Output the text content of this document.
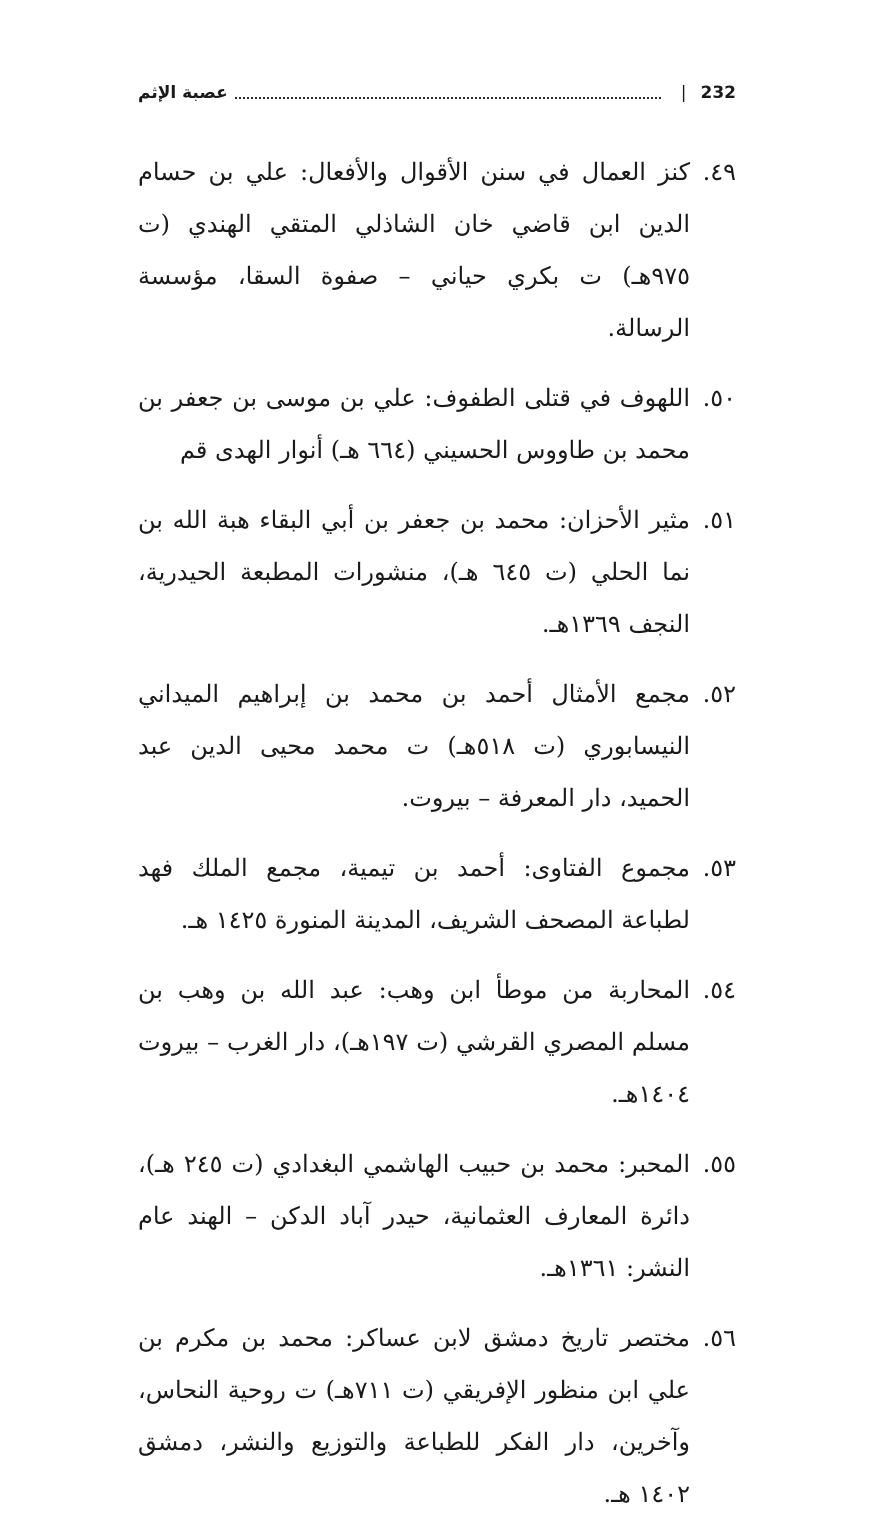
232
|
عصبة الإثم
٤٩.
كنز العمال في سنن الأقوال والأفعال: علي بن حسام الدين ابن قاضي خان الشاذلي المتقي الهندي (ت ٩٧٥هـ) ت بكري حياني – صفوة السقا، مؤسسة الرسالة.
٥٠.
اللهوف في قتلى الطفوف: علي بن موسى بن جعفر بن محمد بن طاووس الحسيني (٦٦٤ هـ) أنوار الهدى قم
٥١.
مثير الأحزان: محمد بن جعفر بن أبي البقاء هبة الله بن نما الحلي (ت ٦٤٥ هـ)، منشورات المطبعة الحيدرية، النجف ١٣٦٩هـ.
٥٢.
مجمع الأمثال أحمد بن محمد بن إبراهيم الميداني النيسابوري (ت ٥١٨هـ) ت محمد محيى الدين عبد الحميد، دار المعرفة – بيروت.
٥٣.
مجموع الفتاوى: أحمد بن تيمية، مجمع الملك فهد لطباعة المصحف الشريف، المدينة المنورة ١٤٢٥ هـ.
٥٤.
المحاربة من موطأ ابن وهب: عبد الله بن وهب بن مسلم المصري القرشي (ت ١٩٧هـ)، دار الغرب – بيروت ١٤٠٤هـ.
٥٥.
المحبر: محمد بن حبيب الهاشمي البغدادي (ت ٢٤٥ هـ)، دائرة المعارف العثمانية، حيدر آباد الدكن – الهند عام النشر: ١٣٦١هـ.
٥٦.
مختصر تاريخ دمشق لابن عساكر: محمد بن مكرم بن علي ابن منظور الإفريقي (ت ٧١١هـ) ت روحية النحاس، وآخرين، دار الفكر للطباعة والتوزيع والنشر، دمشق ١٤٠٢ هـ.
